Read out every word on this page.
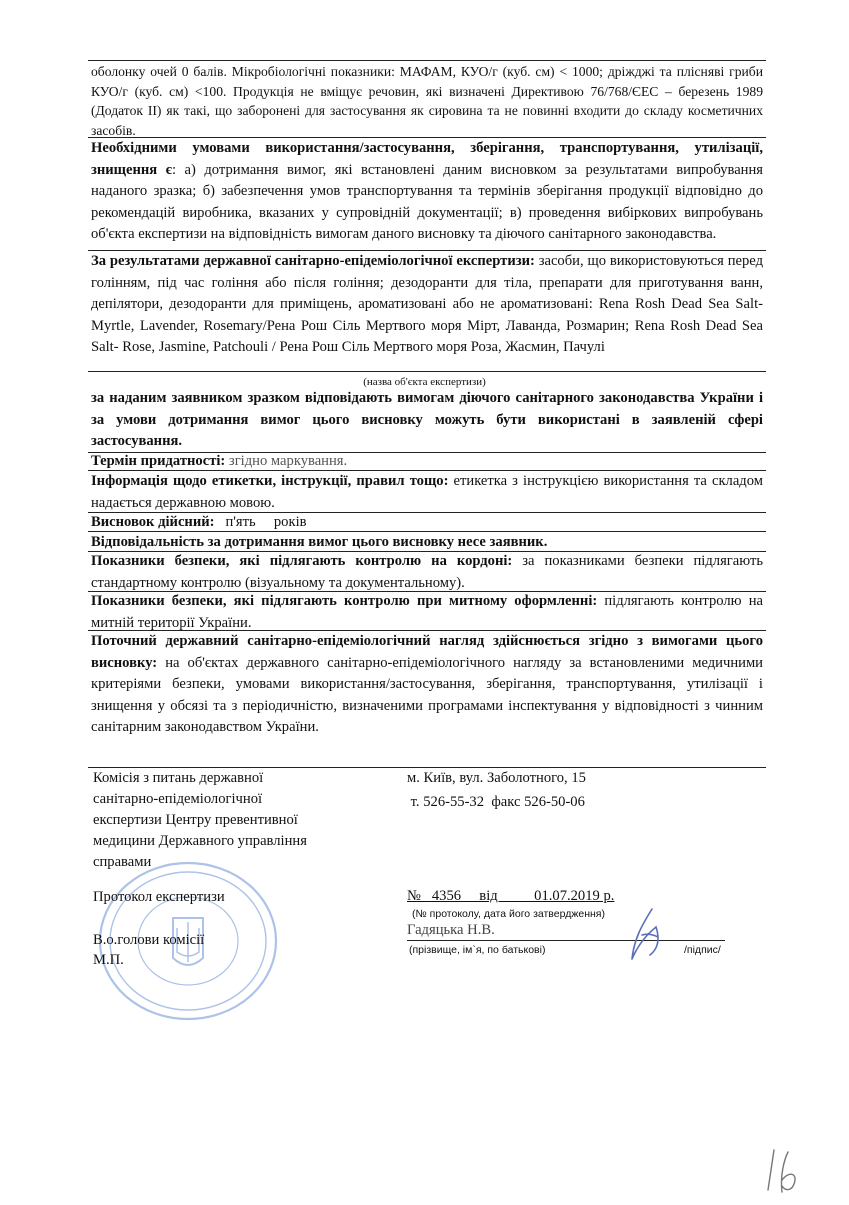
оболонку очей 0 балів. Мікробіологічні показники: МАФАМ, КУО/г (куб. см) < 1000; дріжджі та плісняві гриби КУО/г (куб. см) <100. Продукція не вміщує речовин, які визначені Директивою 76/768/ЄЕС – березень 1989 (Додаток II) як такі, що заборонені для застосування як сировина та не повинні входити до складу косметичних засобів.
Необхідними умовами використання/застосування, зберігання, транспортування, утилізації, знищення є: а) дотримання вимог, які встановлені даним висновком за результатами випробування наданого зразка; б) забезпечення умов транспортування та термінів зберігання продукції відповідно до рекомендацій виробника, вказаних у супровідній документації; в) проведення вибіркових випробувань об'єкта експертизи на відповідність вимогам даного висновку та діючого санітарного законодавства.
За результатами державної санітарно-епідеміологічної експертизи: засоби, що використовуються перед голінням, під час гоління або після гоління; дезодоранти для тіла, препарати для приготування ванн, депілятори, дезодоранти для приміщень, ароматизовані або не ароматизовані: Rena Rosh Dead Sea Salt- Myrtle, Lavender, Rosemary/Рена Рош Сіль Мертвого моря Мірт, Лаванда, Розмарин; Rena Rosh Dead Sea Salt- Rose, Jasmine, Patchouli / Рена Рош Сіль Мертвого моря Роза, Жасмин, Пачулі
(назва об'єкта експертизи)
за наданим заявником зразком відповідають вимогам діючого санітарного законодавства України і за умови дотримання вимог цього висновку можуть бути використані в заявленій сфері застосування.
Термін придатності: згідно маркування.
Інформація щодо етикетки, інструкції, правил тощо: етикетка з інструкцією використання та складом надається державною мовою.
Висновок дійсний:   п'ять     років
Відповідальність за дотримання вимог цього висновку несе заявник.
Показники безпеки, які підлягають контролю на кордоні: за показниками безпеки підлягають стандартному контролю (візуальному та документальному).
Показники безпеки, які підлягають контролю при митному оформленні: підлягають контролю на митній території України.
Поточний державний санітарно-епідеміологічний нагляд здійснюється згідно з вимогами цього висновку: на об'єктах державного санітарно-епідеміологічного нагляду за встановленими медичними критеріями безпеки, умовами використання/застосування, зберігання, транспортування, утилізації і знищення у обсязі та з періодичністю, визначеними програмами інспектування у відповідності з чинним санітарним законодавством України.
Комісія з питань державної
санітарно-епідеміологічної
експертизи Центру превентивної
медицини Державного управління
справами
м. Київ, вул. Заболотного, 15
т. 526-55-32  факс 526-50-06
Протокол експертизи	№   4356     від          01.07.2019 р.
(№ протоколу, дата його затвердження)
В.о.голови комісії
М.П.
Гадяцька Н.В.
(прізвище, ім`я, по батькові)	/підпис/
